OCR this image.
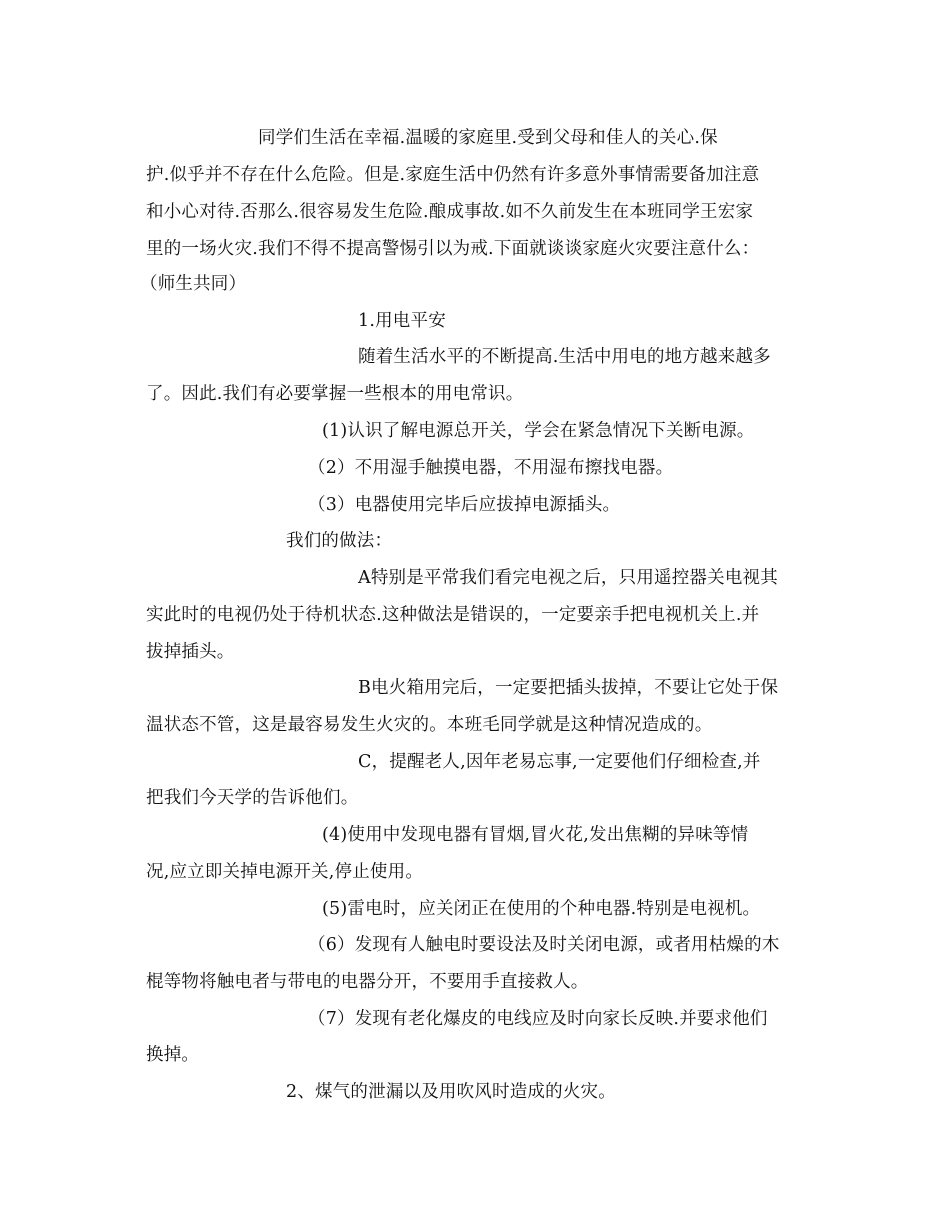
同学们生活在幸福.温暖的家庭里.受到父母和佳人的关心.保
护.似乎并不存在什么危险。但是.家庭生活中仍然有许多意外事情需要备加注意
和小心对待.否那么.很容易发生危险.酿成事故.如不久前发生在本班同学王宏家
里的一场火灾.我们不得不提高警惕引以为戒.下面就谈谈家庭火灾要注意什么：
（师生共同）
1.用电平安
随着生活水平的不断提高.生活中用电的地方越来越多
了。因此.我们有必要掌握一些根本的用电常识。
(1)认识了解电源总开关，学会在紧急情况下关断电源。
（2）不用湿手触摸电器，不用湿布擦找电器。
（3）电器使用完毕后应拔掉电源插头。
我们的做法：
A特别是平常我们看完电视之后，只用遥控器关电视其
实此时的电视仍处于待机状态.这种做法是错误的，一定要亲手把电视机关上.并
拔掉插头。
B电火箱用完后，一定要把插头拔掉，不要让它处于保
温状态不管，这是最容易发生火灾的。本班毛同学就是这种情况造成的。
C，提醒老人,因年老易忘事,一定要他们仔细检查,并
把我们今天学的告诉他们。
(4)使用中发现电器有冒烟,冒火花,发出焦糊的异味等情
况,应立即关掉电源开关,停止使用。
(5)雷电时，应关闭正在使用的个种电器.特别是电视机。
（6）发现有人触电时要设法及时关闭电源，或者用枯燥的木
棍等物将触电者与带电的电器分开，不要用手直接救人。
（7）发现有老化爆皮的电线应及时向家长反映.并要求他们
换掉。
2、煤气的泄漏以及用吹风时造成的火灾。
